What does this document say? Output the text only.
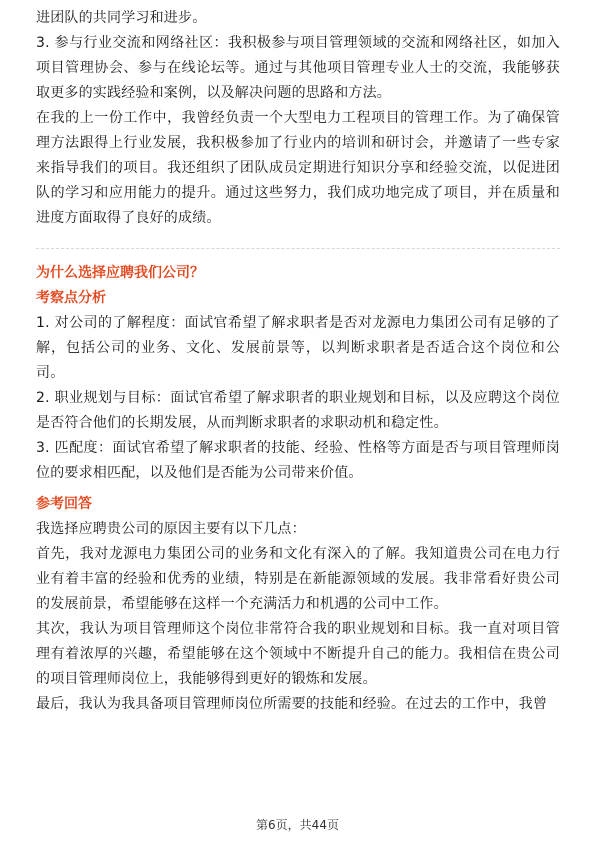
进团队的共同学习和进步。

3. 参与行业交流和网络社区：我积极参与项目管理领域的交流和网络社区，如加入项目管理协会、参与在线论坛等。通过与其他项目管理专业人士的交流，我能够获取更多的实践经验和案例，以及解决问题的思路和方法。

在我的上一份工作中，我曾经负责一个大型电力工程项目的管理工作。为了确保管理方法跟得上行业发展，我积极参加了行业内的培训和研讨会，并邀请了一些专家来指导我们的项目。我还组织了团队成员定期进行知识分享和经验交流，以促进团队的学习和应用能力的提升。通过这些努力，我们成功地完成了项目，并在质量和进度方面取得了良好的成绩。

为什么选择应聘我们公司？

考察点分析

1. 对公司的了解程度：面试官希望了解求职者是否对龙源电力集团公司有足够的了解，包括公司的业务、文化、发展前景等，以判断求职者是否适合这个岗位和公司。

2. 职业规划与目标：面试官希望了解求职者的职业规划和目标，以及应聘这个岗位是否符合他们的长期发展，从而判断求职者的求职动机和稳定性。

3. 匹配度：面试官希望了解求职者的技能、经验、性格等方面是否与项目管理师岗位的要求相匹配，以及他们是否能为公司带来价值。

参考回答

我选择应聘贵公司的原因主要有以下几点：

首先，我对龙源电力集团公司的业务和文化有深入的了解。我知道贵公司在电力行业有着丰富的经验和优秀的业绩，特别是在新能源领域的发展。我非常看好贵公司的发展前景，希望能够在这样一个充满活力和机遇的公司中工作。

其次，我认为项目管理师这个岗位非常符合我的职业规划和目标。我一直对项目管理有着浓厚的兴趣，希望能够在这个领域中不断提升自己的能力。我相信在贵公司的项目管理师岗位上，我能够得到更好的锻炼和发展。

最后，我认为我具备项目管理师岗位所需要的技能和经验。在过去的工作中，我曾

第6页，共44页
